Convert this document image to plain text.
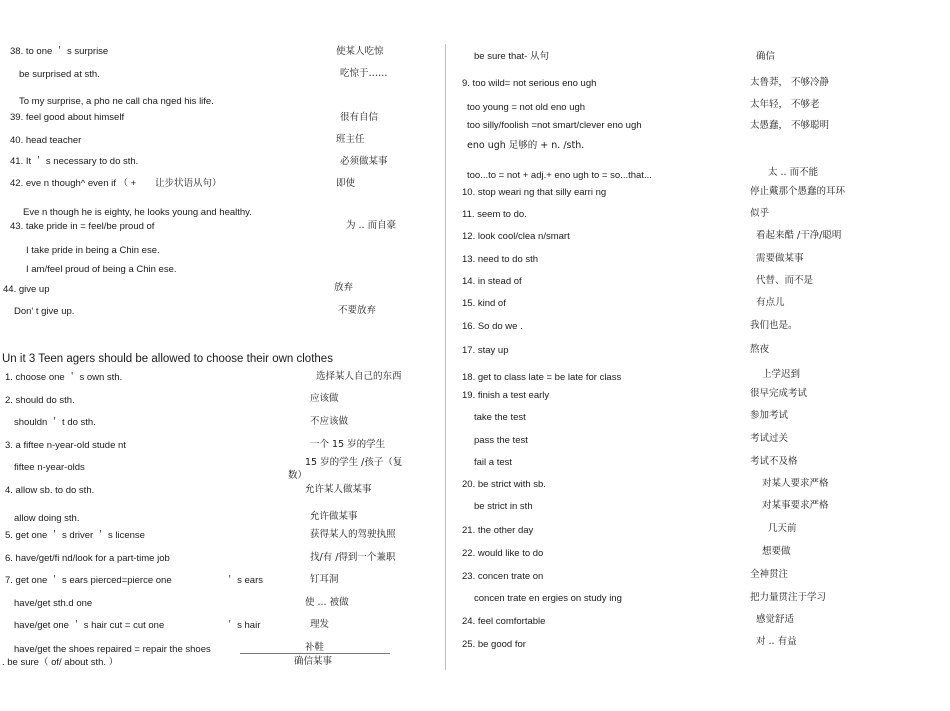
38. to one ＇ s surprise	使某人吃惊
be surprised at sth.	吃惊于……
To my surprise, a pho ne call cha nged his life.
39. feel good about himself	很有自信
40. head teacher	班主任
41. It ＇ s necessary to do sth.	必须做某事
42. eve n though^ even if （ + 让步状语从句）	即使
Eve n though he is eighty, he looks young and healthy.
43. take pride in = feel/be proud of	为 .. 而自豪
I take pride in being a Chin ese.
I am/feel proud of being a Chin ese.
44. give up	放弃
Don' t give up.	不要放弃
Un it 3 Teen agers should be allowed to choose their own clothes
1. choose one ＇ s own sth.	选择某人自己的东西
2. should do sth.	应该做
shouldn ＇ t do sth.	不应该做
3. a fiftee n-year-old stude nt	一个 15 岁的学生
fiftee n-year-olds	15 岁的学生 /孩子（复
数）
4. allow sb. to do sth.	允许某人做某事
allow doing sth.	允许做某事
5. get one ＇ s driver ＇ s license	获得某人的驾驶执照
6. have/get/fi nd/look for a part-time job	找/有 /得到一个兼职
7. get one ＇ s ears pierced=pierce one	＇ s ears	钉耳洞
have/get sth.d one	使 ... 被做
have/get one ＇ s hair cut = cut one	＇ s hair	理发
have/get the shoes repaired = repair the shoes	补鞋
. be sure（ of/ about sth. ）	确信某事
be sure that- 从句	确信
9. too wild= not serious eno ugh	太鲁莽， 不够冷静
too young = not old eno ugh	太年轻， 不够老
too silly/foolish =not smart/clever eno ugh	太愚蠢， 不够聪明
eno ugh 足够的 + n. /sth.
too...to = not + adj.+ eno ugh to = so...that...	太 .. 而不能
10. stop weari ng that silly earri ng	停止戴那个愚蠢的耳环
11. seem to do.	似乎
12. look cool/clea n/smart	看起来酷 /干净/聪明
13. need to do sth	需要做某事
14. in stead of	代替、而不是
15. kind of	有点儿
16. So do we .	我们也是。
17. stay up	熬夜
18. get to class late = be late for class	上学迟到
19. finish a test early	很早完成考试
take the test	参加考试
pass the test	考试过关
fail a test	考试不及格
20. be strict with sb.	对某人要求严格
be strict in sth	对某事要求严格
21. the other day	几天前
22. would like to do	想要做
23. concen trate on	全神贯注
concen trate en ergies on study ing	把力量贯注于学习
24. feel comfortable	感觉舒适
25. be good for	对 .. 有益
